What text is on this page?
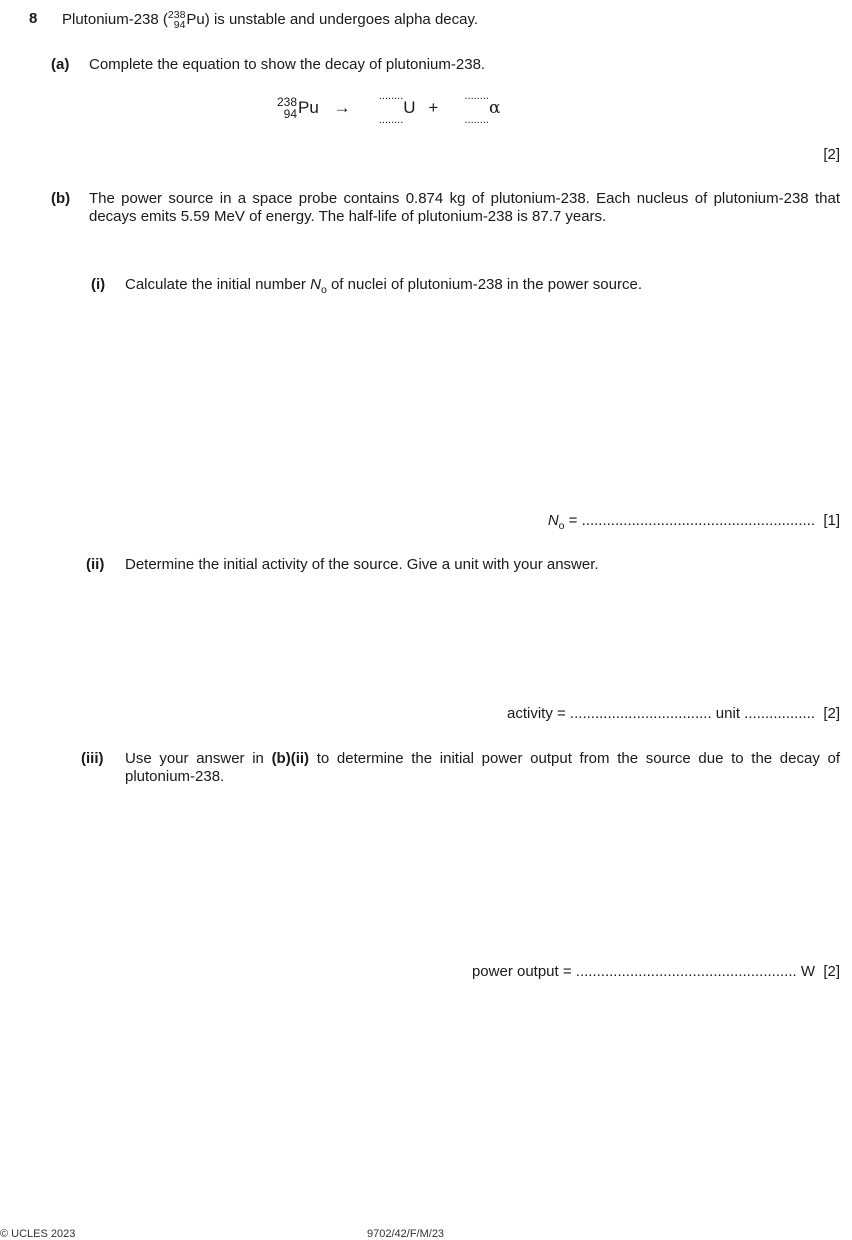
8 Plutonium-238 ( 238
94 Pu) is unstable and undergoes alpha decay.
(a) Complete the equation to show the decay of plutonium-238.
238
94 Pu →
........
........
U +
........
........
α
[2]
(b) The power source in a space probe contains 0.874 kg of plutonium-238. Each nucleus of plutonium-238 that decays emits 5.59 MeV of energy. The half-life of plutonium-238 is 87.7 years.
(i) Calculate the initial number $N_o$ of nuclei of plutonium-238 in the power source.
$N_o$ = ........................................................ [1]
(ii) Determine the initial activity of the source. Give a unit with your answer.
activity = .................................. unit ................. [2]
(iii) Use your answer in (b)(ii) to determine the initial power output from the source due to the decay of plutonium-238.
power output = ..................................................... W [2]
© UCLES 2023	9702/42/F/M/23
